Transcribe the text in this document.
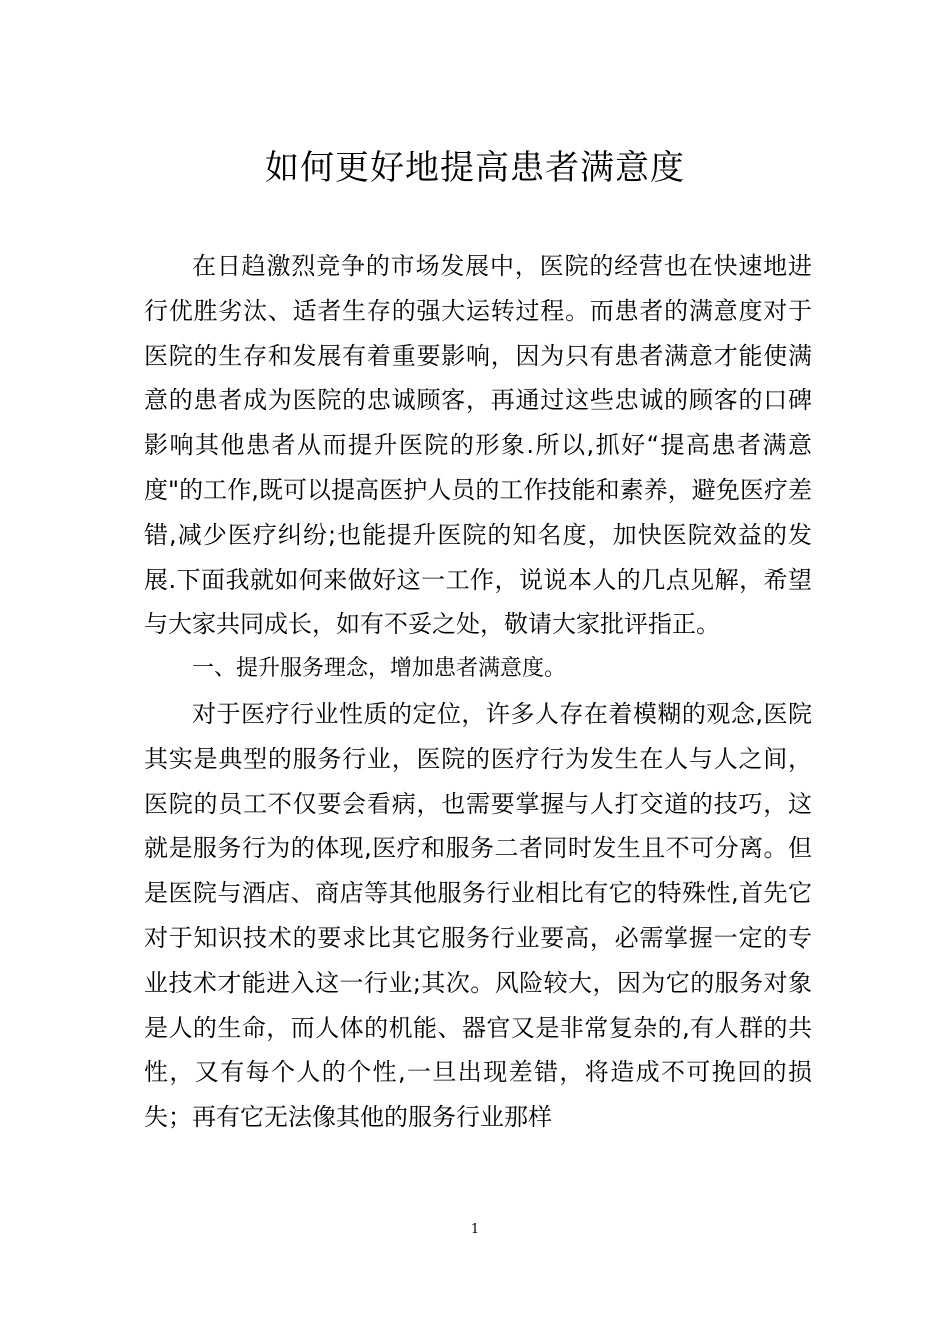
如何更好地提高患者满意度

在日趋激烈竞争的市场发展中，医院的经营也在快速地进行优胜劣汰、适者生存的强大运转过程。而患者的满意度对于医院的生存和发展有着重要影响，因为只有患者满意才能使满意的患者成为医院的忠诚顾客，再通过这些忠诚的顾客的口碑影响其他患者从而提升医院的形象.所以,抓好“提高患者满意度"的工作,既可以提高医护人员的工作技能和素养，避免医疗差错,减少医疗纠纷;也能提升医院的知名度，加快医院效益的发展.下面我就如何来做好这一工作，说说本人的几点见解，希望与大家共同成长，如有不妥之处，敬请大家批评指正。

一、提升服务理念，增加患者满意度。

对于医疗行业性质的定位，许多人存在着模糊的观念,医院其实是典型的服务行业，医院的医疗行为发生在人与人之间，医院的员工不仅要会看病，也需要掌握与人打交道的技巧，这就是服务行为的体现,医疗和服务二者同时发生且不可分离。但是医院与酒店、商店等其他服务行业相比有它的特殊性,首先它对于知识技术的要求比其它服务行业要高，必需掌握一定的专业技术才能进入这一行业;其次。风险较大，因为它的服务对象是人的生命，而人体的机能、器官又是非常复杂的,有人群的共性，又有每个人的个性,一旦出现差错，将造成不可挽回的损失；再有它无法像其他的服务行业那样

1
